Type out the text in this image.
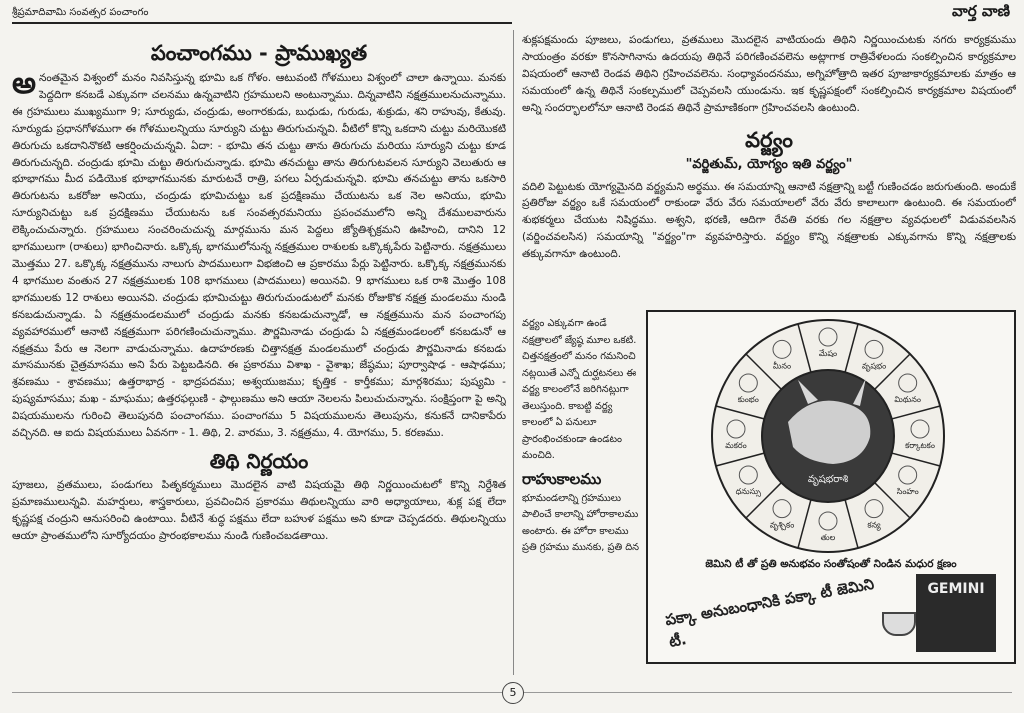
శ్రీప్రమాదివామి సంవత్సర పంచాంగం	వార్త వాణి
పంచాంగము - ప్రాముఖ్యత

అనంతమైన విశ్వంలో మనం నివసిస్తున్న భూమి ఒక గోళం. ఆటువంటి గోళములు విశ్వంలో చాలా ఉన్నాయి. మనకు పెద్దదిగా కనబడే ఎక్కువగా చలనము ఉన్నవాటిని గ్రహములని అంటున్నాము. దిన్నవాటిని నక్షత్రములనుచున్నాము. ఈ గ్రహములు ముఖ్యముగా 9; సూర్యుడు, చంద్రుడు, అంగారకుడు, బుధుడు, గురుడు, శుక్రుడు, శని రాహువు, కేతువు. సూర్యుడు ప్రధానగోళముగా ఈ గోళములన్నియు సూర్యుని చుట్టు తిరుగుచున్నవి. వీటిలో కొన్ని ఒకదాని చుట్టు మరియొకటి తిరుగుచు ఒకదానినొకటి ఆకర్షించుచున్నవి. ఏదా: - భూమి తన చుట్టు తాను తిరుగుచు మరియు సూర్యుని చుట్టు కూడ తిరుగుచున్నది. చంద్రుడు భూమి చుట్టు తిరుగుచున్నాడు. భూమి తనచుట్టు తాను తిరుగుటవలన సూర్యుని వెలుతురు ఆ భూభాగము మీద పడియొక భూభాగమునకు మారుటచే రాత్రి, పగలు ఏర్పడుచున్నవి. భూమి తనచుట్టు తాను ఒకసారి తిరుగుటను ఒకరోజు అనియు, చంద్రుడు భూమిచుట్టు ఒక ప్రదక్షిణము చేయుటను ఒక నెల అనియు, భూమి సూర్యునిచుట్టు ఒక ప్రదక్షిణము చేయుటను ఒక సంవత్సరమనియు ప్రపంచములోని అన్ని దేశములవారును లెక్కించుచున్నారు. గ్రహములు సంచరించుచున్న మార్గమును మన పెద్దలు జ్యోతిశ్చక్రమని ఊహించి, దానిని 12 భాగములుగా (రాశులు) భాగించినారు. ఒక్కొక్క భాగములోనున్న నక్షత్రముల రాశులకు ఒక్కొక్కపేరు పెట్టినారు. నక్షత్రములు మొత్తము 27. ఒక్కొక్క నక్షత్రమును నాలుగు పాదములుగా విభజించి ఆ ప్రకారము పేర్లు పెట్టినారు. ఒక్కొక్క నక్షత్రమునకు 4 భాగముల వంతున 27 నక్షత్రములకు 108 భాగములు (పాదములు) అయినవి. 9 భాగములు ఒక రాశి మొత్తం 108 భాగములకు 12 రాశులు అయినవి. చంద్రుడు భూమిచుట్టు తిరుగుచుండుటలో మనకు రోజుకొక నక్షత్ర మండలము నుండి కనబడుచున్నాడు. ఏ నక్షత్రమండలములో చంద్రుడు మనకు కనబడుచున్నాడో, ఆ నక్షత్రమును మన పంచాంగపు వ్యవహారములో ఆనాటి నక్షత్రముగా పరిగణించుచున్నాము. పౌర్ణమినాడు చంద్రుడు ఏ నక్షత్రమండలంలో కనబడునో ఆ నక్షత్రము పేరు ఆ నెలగా వాడుచున్నాము. ఉదాహరణకు చిత్తానక్షత్ర మండలములో చంద్రుడు పౌర్ణమినాడు కనబడు మాసమునకు చైత్రమాసము అని పేరు పెట్టబడినది. ఈ ప్రకారము విశాఖ - వైశాఖ; జేష్ఠము; పూర్వాషాఢ - ఆషాఢము; శ్రవణము - శ్రావణము; ఉత్తరాభాద్ర - భాద్రపదము; అశ్వయుజము; కృత్తిక - కార్తీకము; మార్గశిరము; పుష్యమి - పుష్యమాసము; మఖ - మాఘము; ఉత్తరఫల్గుణి - ఫాల్గుణము అని ఆయా నెలలను పిలుచుచున్నాను. సంక్షిప్తంగా పై అన్ని విషయములను గురించి తెలుపునది పంచాంగము. పంచాంగము 5 విషయములను తెలుపును, కనుకనే దానికాపేరు వచ్చినది. ఆ ఐదు విషయములు ఏవనగా - 1. తిథి, 2. వారము, 3. నక్షత్రము, 4. యోగము, 5. కరణము.

తిథి నిర్ణయం

పూజలు, వ్రతములు, పండుగలు పితృకర్మములు మొదలైన వాటి విషయమై తిథి నిర్ణయించుటలో కొన్ని నిర్దేశిత ప్రమాణములున్నవి. మహర్షులు, శాస్త్రకారులు, ప్రవచించిన ప్రకారము తిథులన్నియు వారి అధ్యాయాలు, శుక్ల పక్ష లేదా కృష్ణపక్ష చంద్రుని ఆనుసరించి ఉంటాయి. వీటినే శుద్ధ పక్షము లేదా బహుళ పక్షము అని కూడా చెప్పడదరు. తిథులన్నియు ఆయా ప్రాంతములోని సూర్యోదయం ప్రారంభకాలము నుండి గుణించబడతాయి.

శుక్లపక్షమందు పూజలు, పండుగలు, వ్రతములు మొదలైన వాటియందు తిథిని నిర్ణయించుటకు నగరు కార్యక్రమము సాయంత్రం వరకూ కొనసాగినాను ఉదయపు తిథినే పరిగణించవలెను అట్లాగాక రాత్రివేళలందు సంకల్పించిన కార్యక్రమాల విషయంలో ఆనాటి రెండవ తిథిని గ్రహించవలెను. సంధ్యావందనము, అగ్నిహోత్రాది ఇతర పూజాకార్యక్రమాలకు మాత్రం ఆ సమయంలో ఉన్న తిథినే సంకల్పములో చెప్పవలసి యుండును. ఇక కృష్ణపక్షంలో సంకల్పించిన కార్యక్రమాల విషయంలో అన్ని సందర్భాలలోనూ ఆనాటి రెండవ తిథినే ప్రామాణికంగా గ్రహించవలసి ఉంటుంది.

వర్జ్యం
"వర్జితుమ్, యోగ్యం ఇతి వర్జ్యం"

వదిలి పెట్టుటకు యోగ్యమైనది వర్జ్యమని అర్థము. ఈ సమయాన్ని ఆనాటి నక్షత్రాన్ని బట్టీ గుణించడం జరుగుతుంది. అందుకే ప్రతిరోజు వర్జ్యం ఒకే సమయంలో రాకుండా వేరు వేరు సమయాలలో వేరు వేరు కాలాలుగా ఉంటుంది. ఈ సమయంలో శుభకర్మలు చేయుట నిషిద్ధము. అశ్వని, భరణి, ఆదిగా రేవతి వరకు గల నక్షత్రాల వ్యవధులలో విడువవలసిన (వర్జించవలసిన) సమయాన్ని "వర్జ్యం"గా వ్యవహరిస్తారు. వర్జ్యం కొన్ని నక్షత్రాలకు ఎక్కువగాను కొన్ని నక్షత్రాలకు తక్కువగానూ ఉంటుంది.

వర్జ్యం ఎక్కువగా ఉండే నక్షత్రాలలో జ్యేష్ఠ మూల ఒకటి. చిత్తనక్షత్రంలో మనం గమనించి నట్లయితే ఎన్నో దుర్ఘటనలు ఈ వర్జ్య కాలంలోనే జరిగినట్లుగా తెలుస్తుంది. కాబట్టి వర్జ్య కాలంలో ఏ పనులూ ప్రారంభించకుండా ఉండటం మంచిది.

రాహుకాలము

భూమండలాన్ని గ్రహములు పాలించే కాలాన్ని హోరాకాలము అంటారు. ఈ హోరా కాలము ప్రతి గ్రహము మునకు, ప్రతి దిన

వృషభరాశి
మేషం
వృషభం
మిథునం
కర్కాటకం
సింహం
కన్య
తుల
వృశ్చికం
ధనుస్సు
మకరం
కుంభం
మీనం
జెమిని టీ తో ప్రతి అనుభవం సంతోషంతో నిండిన మధుర క్షణం
పక్కా అనుబంధానికి పక్కా టీ జెమిని టీ.
GEMINI
5
